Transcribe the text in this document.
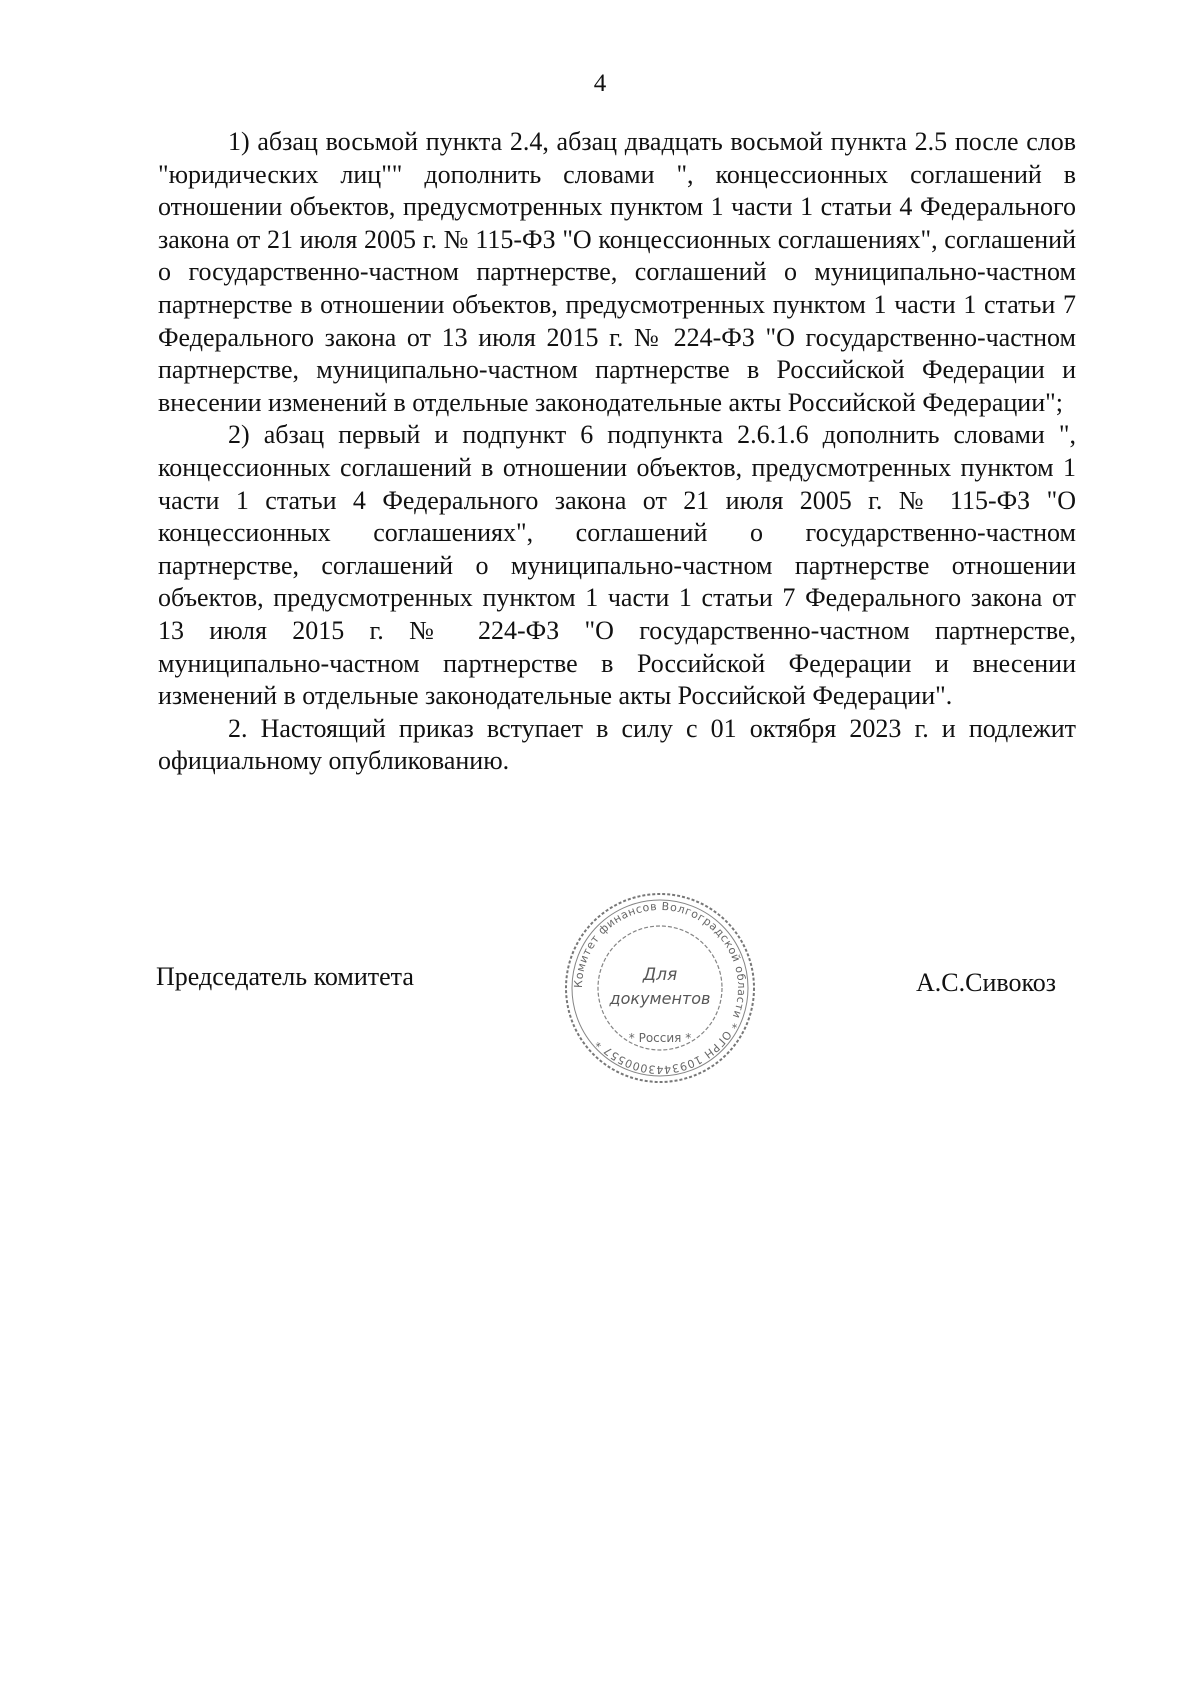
4

1) абзац восьмой пункта 2.4, абзац двадцать восьмой пункта 2.5 после слов "юридических лиц"" дополнить словами ", концессионных соглашений в отношении объектов, предусмотренных пунктом 1 части 1 статьи 4 Федерального закона от 21 июля 2005 г. № 115-ФЗ "О концессионных соглашениях", соглашений о государственно-частном партнерстве, соглашений о муниципально-частном партнерстве в отношении объектов, предусмотренных пунктом 1 части 1 статьи 7 Федерального закона от 13 июля 2015 г. № 224-ФЗ "О государственно-частном партнерстве, муниципально-частном партнерстве в Российской Федерации и внесении изменений в отдельные законодательные акты Российской Федерации";

2) абзац первый и подпункт 6 подпункта 2.6.1.6 дополнить словами ", концессионных соглашений в отношении объектов, предусмотренных пунктом 1 части 1 статьи 4 Федерального закона от 21 июля 2005 г. № 115-ФЗ "О концессионных соглашениях", соглашений о государственно-частном партнерстве, соглашений о муниципально-частном партнерстве отношении объектов, предусмотренных пунктом 1 части 1 статьи 7 Федерального закона от 13 июля 2015 г. № 224-ФЗ "О государственно-частном партнерстве, муниципально-частном партнерстве в Российской Федерации и внесении изменений в отдельные законодательные акты Российской Федерации".

2. Настоящий приказ вступает в силу с 01 октября 2023 г. и подлежит официальному опубликованию.

Председатель комитета	Комитет финансов Волгоградской области * ОГРН 1093443000557 *
Для
документов
* Россия *
А.С.Сивокоз
